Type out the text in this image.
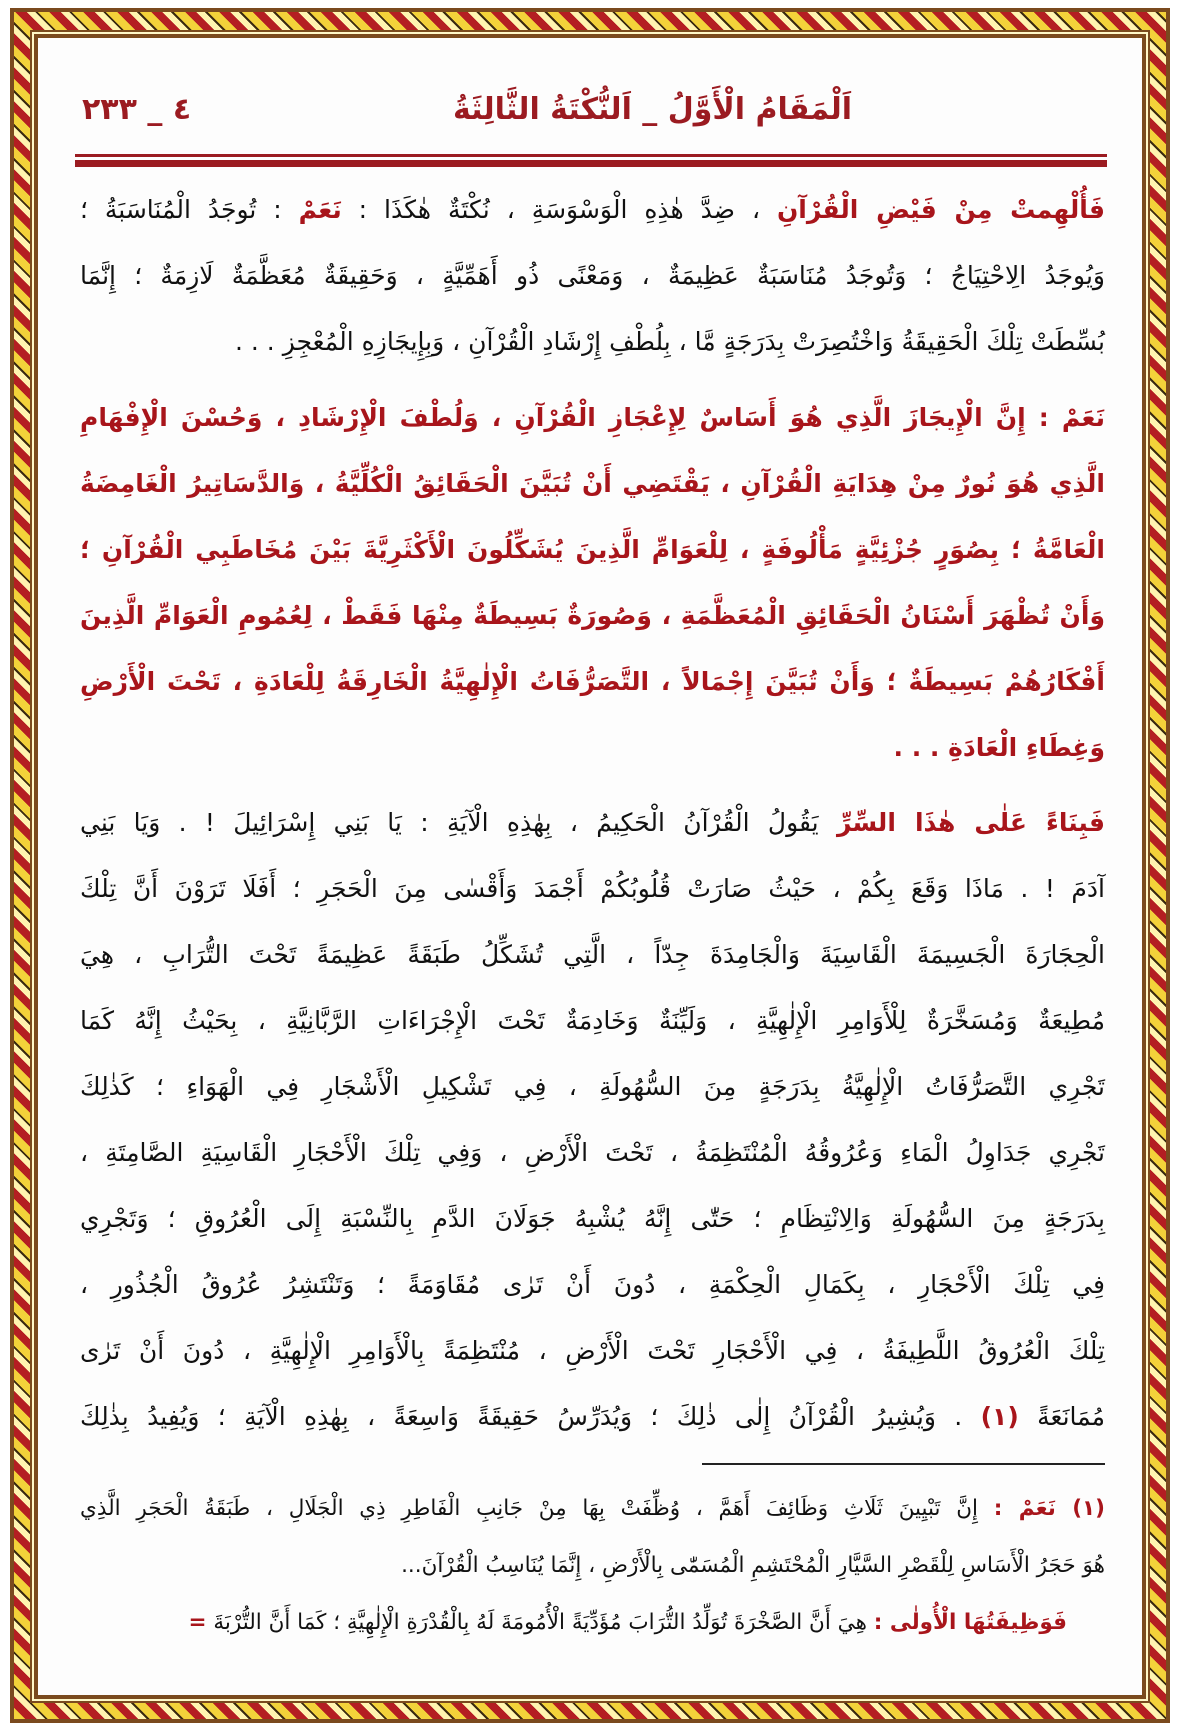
اَلْمَقَامُ الْأَوَّلُ _ اَلنُّكْتَةُ الثَّالِثَةُ
٤ _ ٢٣٣
فَأُلْهِمتْ مِنْ فَيْضِ الْقُرْآنِ ، ضِدَّ هٰذِهِ الْوَسْوَسَةِ ، نُكْتَةٌ هٰكَذَا : نَعَمْ : تُوجَدُ الْمُنَاسَبَةُ ؛
وَيُوجَدُ الِاحْتِيَاجُ ؛ وَتُوجَدُ مُنَاسَبَةٌ عَظِيمَةٌ ، وَمَعْنًى ذُو أَهَمِّيَّةٍ ، وَحَقِيقَةٌ مُعَظَّمَةٌ لَازِمَةٌ ؛ إِنَّمَا
بُسِّطَتْ تِلْكَ الْحَقِيقَةُ وَاخْتُصِرَتْ بِدَرَجَةٍ مَّا ، بِلُطْفِ إِرْشَادِ الْقُرْآنِ ، وَبِإِيجَازِهِ الْمُعْجِزِ . . .
نَعَمْ : إِنَّ الْإِيجَازَ الَّذِي هُوَ أَسَاسٌ لِإِعْجَازِ الْقُرْآنِ ، وَلُطْفَ الْإِرْشَادِ ، وَحُسْنَ الْإِفْهَامِ
الَّذِي هُوَ نُورٌ مِنْ هِدَايَةِ الْقُرْآنِ ، يَقْتَضِي أَنْ تُبَيَّنَ الْحَقَائِقُ الْكُلِّيَّةُ ، وَالدَّسَاتِيرُ الْغَامِضَةُ
الْعَامَّةُ ؛ بِصُوَرٍ جُزْئِيَّةٍ مَأْلُوفَةٍ ، لِلْعَوَامِّ الَّذِينَ يُشَكِّلُونَ الْأَكْثَرِيَّةَ بَيْنَ مُخَاطَبِي الْقُرْآنِ ؛
وَأَنْ تُظْهَرَ أَسْنَانُ الْحَقَائِقِ الْمُعَظَّمَةِ ، وَصُورَةٌ بَسِيطَةٌ مِنْهَا فَقَطْ ، لِعُمُومِ الْعَوَامِّ الَّذِينَ
أَفْكَارُهُمْ بَسِيطَةٌ ؛ وَأَنْ تُبَيَّنَ إِجْمَالاً ، التَّصَرُّفَاتُ الْإِلٰهِيَّةُ الْخَارِقَةُ لِلْعَادَةِ ، تَحْتَ الْأَرْضِ
وَغِطَاءِ الْعَادَةِ . . .
فَبِنَاءً عَلٰى هٰذَا السِّرِّ يَقُولُ الْقُرْآنُ الْحَكِيمُ ، بِهٰذِهِ الْآيَةِ : يَا بَنِي إِسْرَائِيلَ ! . وَيَا بَنِي
آدَمَ ! . مَاذَا وَقَعَ بِكُمْ ، حَيْثُ صَارَتْ قُلُوبُكُمْ أَجْمَدَ وَأَقْسٰى مِنَ الْحَجَرِ ؛ أَفَلَا تَرَوْنَ أَنَّ تِلْكَ
الْحِجَارَةَ الْجَسِيمَةَ الْقَاسِيَةَ وَالْجَامِدَةَ جِدّاً ، الَّتِي تُشَكِّلُ طَبَقَةً عَظِيمَةً تَحْتَ التُّرَابِ ، هِيَ
مُطِيعَةٌ وَمُسَخَّرَةٌ لِلْأَوَامِرِ الْإِلٰهِيَّةِ ، وَلَيِّنَةٌ وَخَادِمَةٌ تَحْتَ الْإِجْرَاءَاتِ الرَّبَّانِيَّةِ ، بِحَيْثُ إِنَّهُ كَمَا
تَجْرِي التَّصَرُّفَاتُ الْإِلٰهِيَّةُ بِدَرَجَةٍ مِنَ السُّهُولَةِ ، فِي تَشْكِيلِ الْأَشْجَارِ فِي الْهَوَاءِ ؛ كَذٰلِكَ
تَجْرِي جَدَاوِلُ الْمَاءِ وَعُرُوقُهُ الْمُنْتَظِمَةُ ، تَحْتَ الْأَرْضِ ، وَفِي تِلْكَ الْأَحْجَارِ الْقَاسِيَةِ الصَّامِتَةِ ،
بِدَرَجَةٍ مِنَ السُّهُولَةِ وَالِانْتِظَامِ ؛ حَتّٰى إِنَّهُ يُشْبِهُ جَوَلَانَ الدَّمِ بِالنِّسْبَةِ إِلَى الْعُرُوقِ ؛ وَتَجْرِي
فِي تِلْكَ الْأَحْجَارِ ، بِكَمَالِ الْحِكْمَةِ ، دُونَ أَنْ تَرٰى مُقَاوَمَةً ؛ وَتَنْتَشِرُ عُرُوقُ الْجُذُورِ ،
تِلْكَ الْعُرُوقُ اللَّطِيفَةُ ، فِي الْأَحْجَارِ تَحْتَ الْأَرْضِ ، مُنْتَظِمَةً بِالْأَوَامِرِ الْإِلٰهِيَّةِ ، دُونَ أَنْ تَرٰى
مُمَانَعَةً (١) . وَيُشِيرُ الْقُرْآنُ إِلٰى ذٰلِكَ ؛ وَيُدَرِّسُ حَقِيقَةً وَاسِعَةً ، بِهٰذِهِ الْآيَةِ ؛ وَيُفِيدُ بِذٰلِكَ
(١) نَعَمْ : إِنَّ تَبْيِينَ ثَلَاثِ وَظَائِفَ أَهَمَّ ، وُظِّفَتْ بِهَا مِنْ جَانِبِ الْفَاطِرِ ذِي الْجَلَالِ ، طَبَقَةُ الْحَجَرِ الَّذِي
هُوَ حَجَرُ الْأَسَاسِ لِلْقَصْرِ السَّيَّارِ الْمُحْتَشِمِ الْمُسَمّٰى بِالْأَرْضِ ، إِنَّمَا يُنَاسِبُ الْقُرْآنَ...
فَوَظِيفَتُهَا الْأُولٰى : هِيَ أَنَّ الصَّخْرَةَ تُوَلِّدُ التُّرَابَ مُؤَدِّيَةً الْأُمُومَةَ لَهُ بِالْقُدْرَةِ الْإِلٰهِيَّةِ ؛ كَمَا أَنَّ التُّرْبَةَ =
